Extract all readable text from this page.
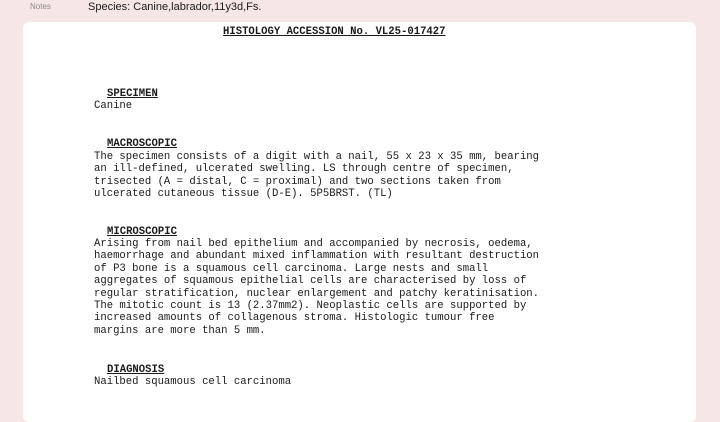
Notes	Species: Canine,labrador,11y3d,Fs.
HISTOLOGY ACCESSION No. VL25-017427
SPECIMEN
Canine
MACROSCOPIC
The specimen consists of a digit with a nail, 55 x 23 x 35 mm, bearing
an ill-defined, ulcerated swelling. LS through centre of specimen,
trisected (A = distal, C = proximal) and two sections taken from
ulcerated cutaneous tissue (D-E). 5P5BRST. (TL)
MICROSCOPIC
Arising from nail bed epithelium and accompanied by necrosis, oedema,
haemorrhage and abundant mixed inflammation with resultant destruction
of P3 bone is a squamous cell carcinoma. Large nests and small
aggregates of squamous epithelial cells are characterised by loss of
regular stratification, nuclear enlargement and patchy keratinisation.
The mitotic count is 13 (2.37mm2). Neoplastic cells are supported by
increased amounts of collagenous stroma. Histologic tumour free
margins are more than 5 mm.
DIAGNOSIS
Nailbed squamous cell carcinoma
